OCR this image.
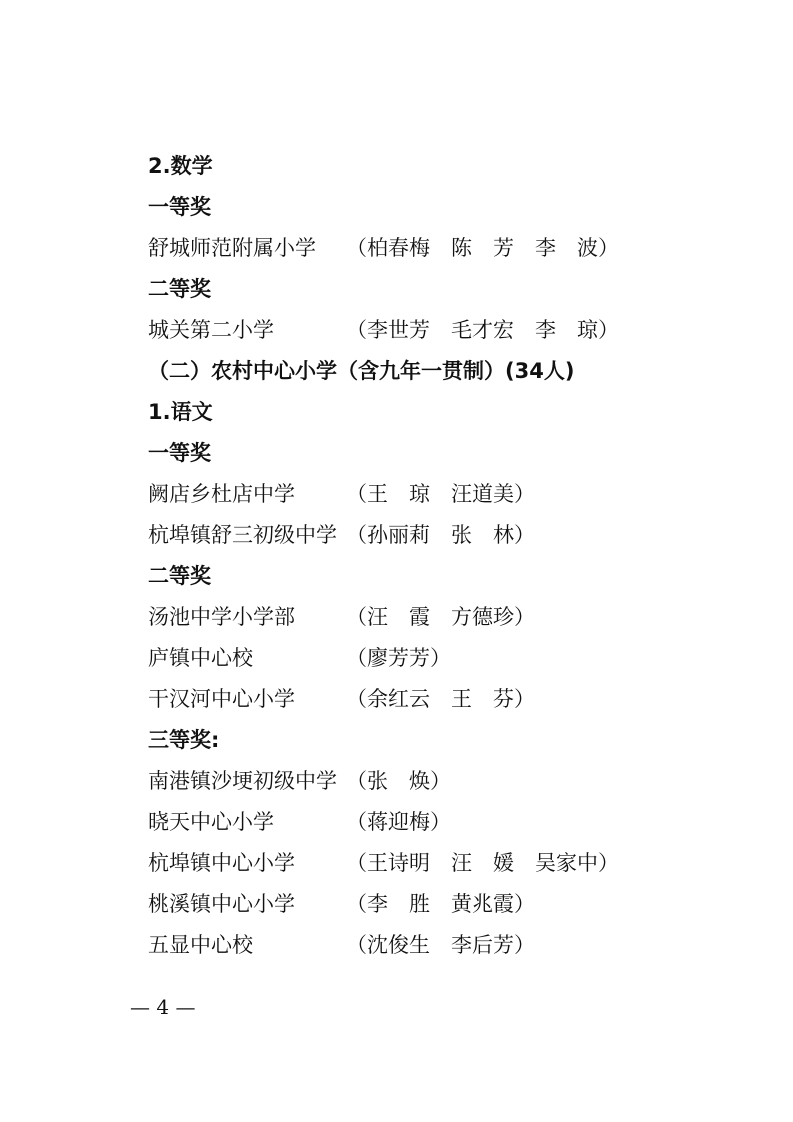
2.数学
一等奖
舒城师范附属小学 （柏春梅　陈　芳　李　波）
二等奖
城关第二小学	（李世芳　毛才宏　李　琼）
（二）农村中心小学（含九年一贯制）(34人)
1.语文
一等奖
阙店乡杜店中学 （王　琼　汪道美）
杭埠镇舒三初级中学 （孙丽莉　张　林）
二等奖
汤池中学小学部 （汪　霞　方德珍）
庐镇中心校	（廖芳芳）
干汉河中心小学 （余红云　王　芬）
三等奖:
南港镇沙埂初级中学 （张　焕）
晓天中心小学	（蒋迎梅）
杭埠镇中心小学 （王诗明　汪　媛　吴家中）
桃溪镇中心小学 （李　胜　黄兆霞）
五显中心校	（沈俊生　李后芳）
— 4 —
